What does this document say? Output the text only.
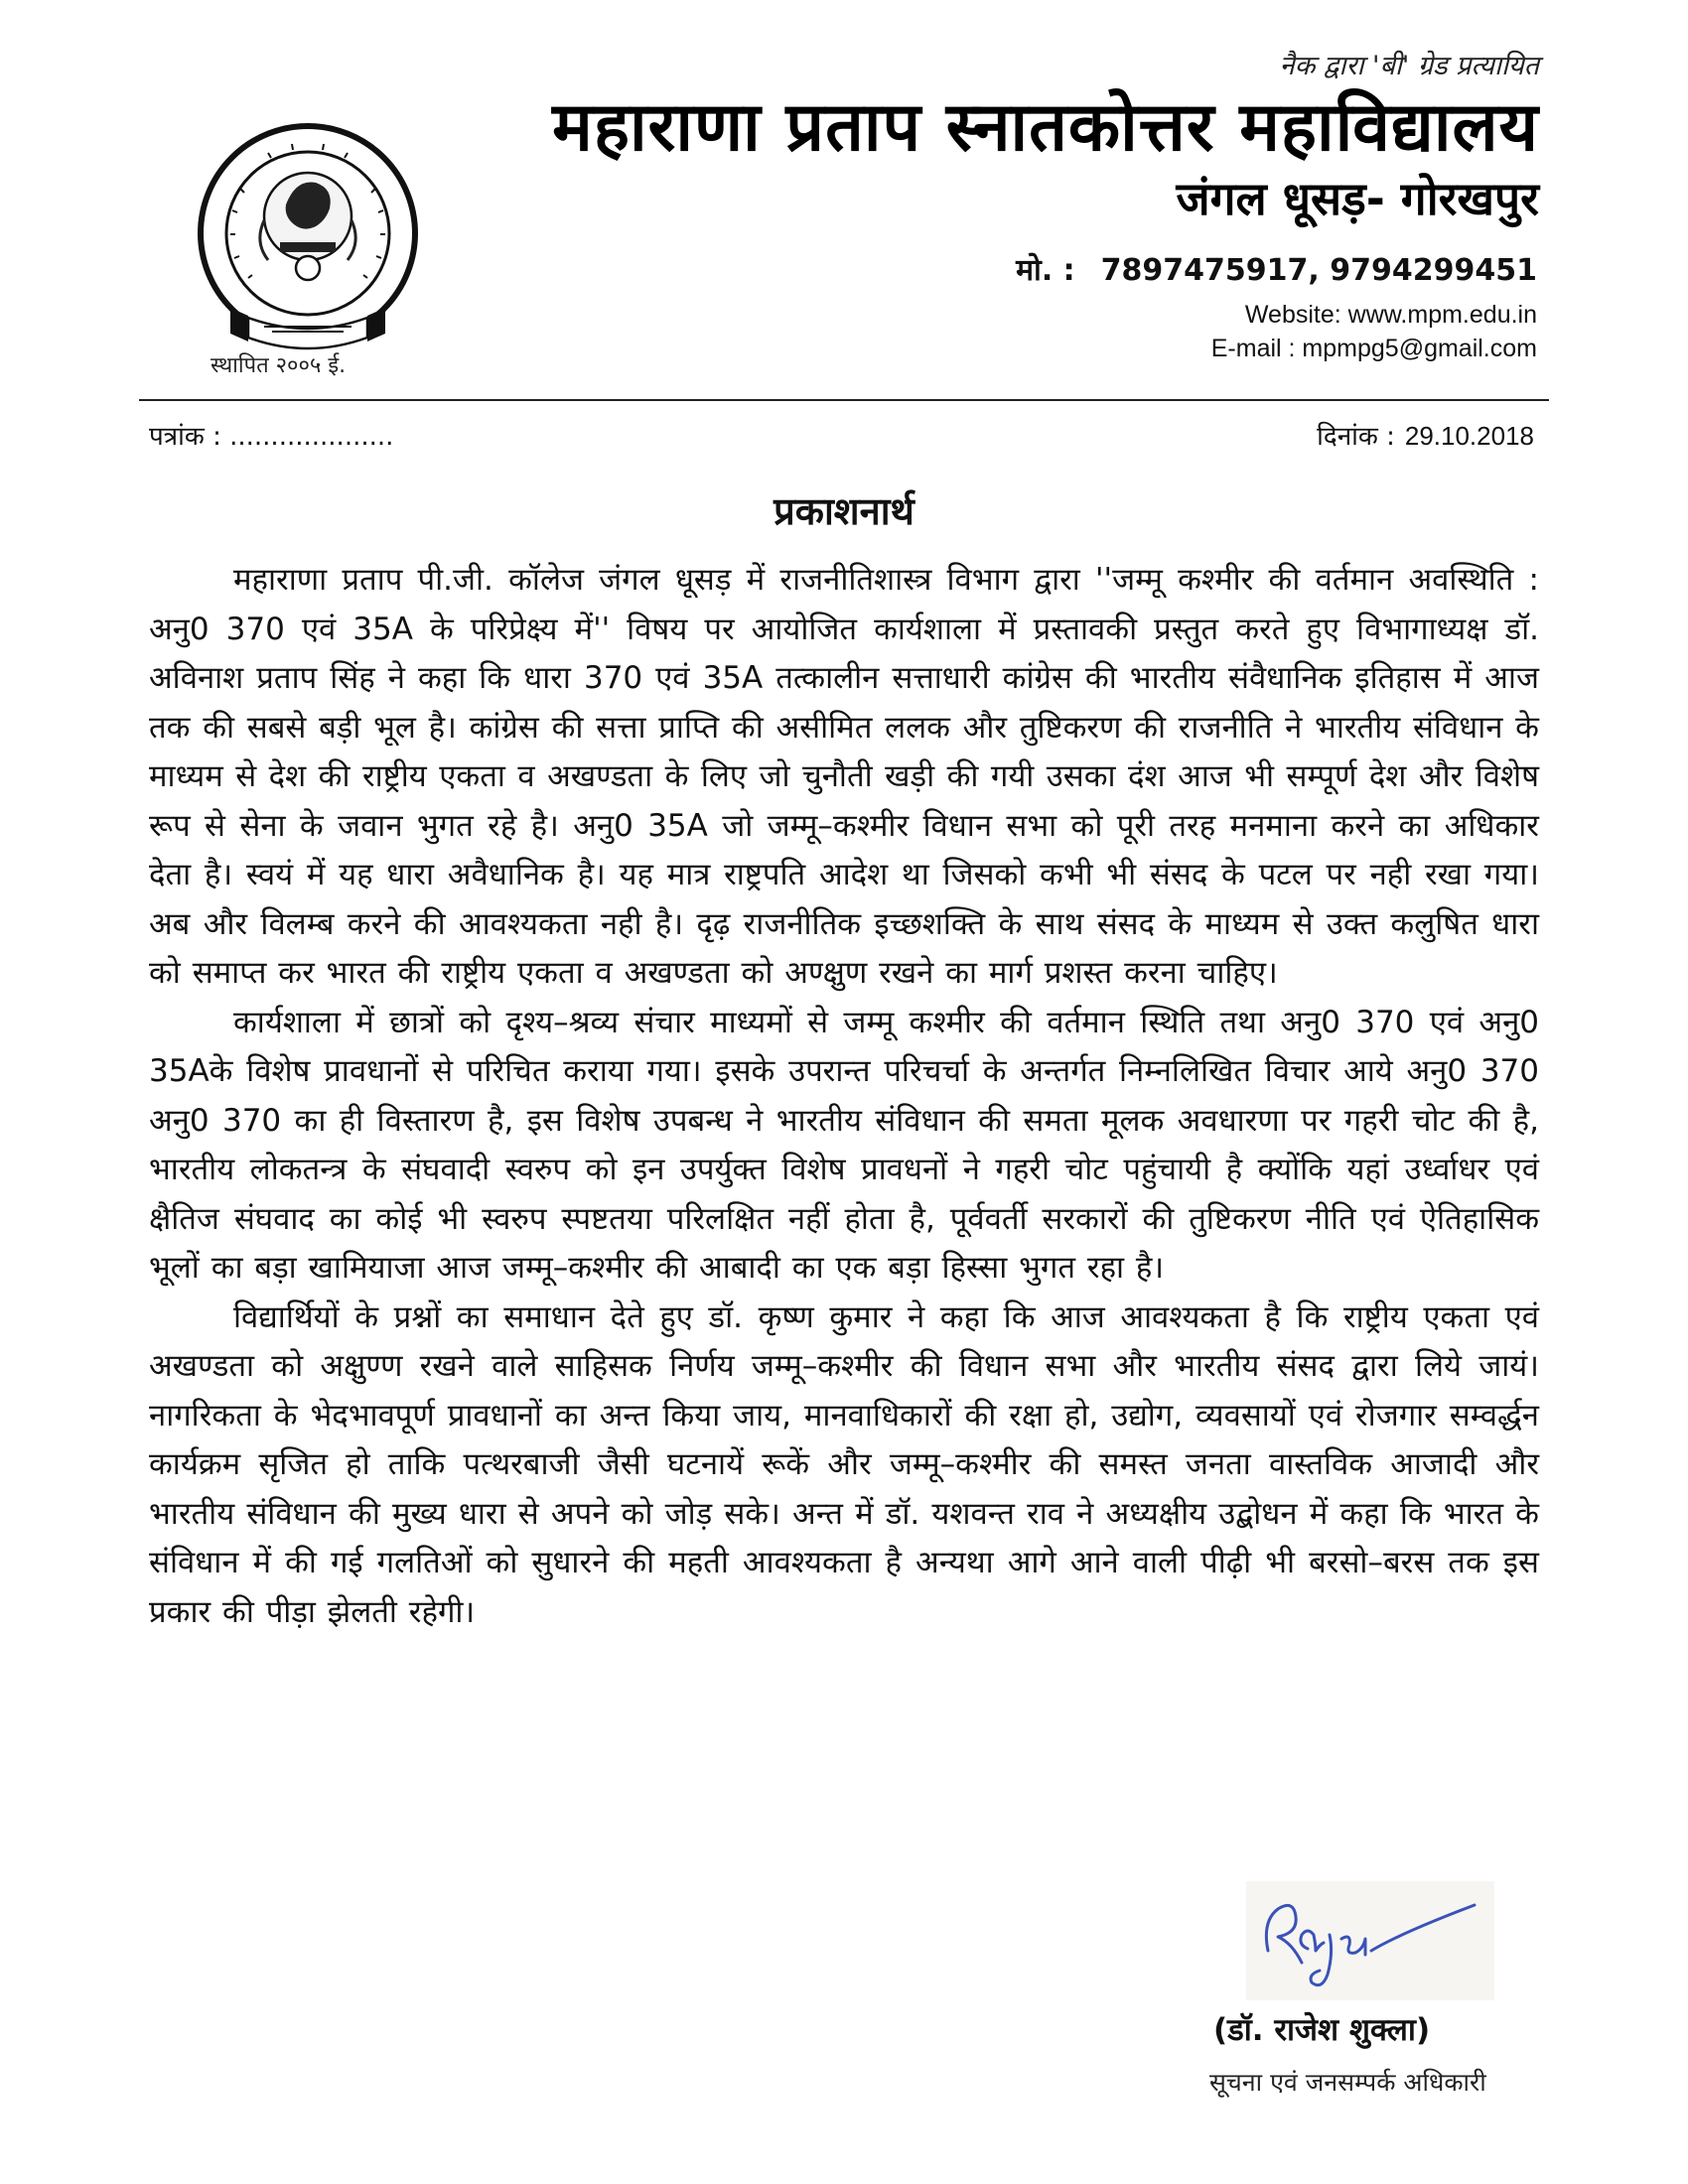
स्थापित २००५ ई.
नैक द्वारा 'बी' ग्रेड प्रत्यायित
महाराणा प्रताप स्नातकोत्तर महाविद्यालय
जंगल धूसड़- गोरखपुर
मो. : 7897475917, 9794299451
Website: www.mpm.edu.in
E-mail : mpmpg5@gmail.com
पत्रांक : ....................	दिनांक : 29.10.2018
प्रकाशनार्थ

महाराणा प्रताप पी.जी. कॉलेज जंगल धूसड़ में राजनीतिशास्त्र विभाग द्वारा ''जम्मू कश्मीर की वर्तमान अवस्थिति : अनु0 370 एवं 35A के परिप्रेक्ष्य में'' विषय पर आयोजित कार्यशाला में प्रस्तावकी प्रस्तुत करते हुए विभागाध्यक्ष डॉ. अविनाश प्रताप सिंह ने कहा कि धारा 370 एवं 35A तत्कालीन सत्ताधारी कांग्रेस की भारतीय संवैधानिक इतिहास में आज तक की सबसे बड़ी भूल है। कांग्रेस की सत्ता प्राप्ति की असीमित ललक और तुष्टिकरण की राजनीति ने भारतीय संविधान के माध्यम से देश की राष्ट्रीय एकता व अखण्डता के लिए जो चुनौती खड़ी की गयी उसका दंश आज भी सम्पूर्ण देश और विशेष रूप से सेना के जवान भुगत रहे है। अनु0 35A जो जम्मू–कश्मीर विधान सभा को पूरी तरह मनमाना करने का अधिकार देता है। स्वयं में यह धारा अवैधानिक है। यह मात्र राष्ट्रपति आदेश था जिसको कभी भी संसद के पटल पर नही रखा गया। अब और विलम्ब करने की आवश्यकता नही है। दृढ़ राजनीतिक इच्छशक्ति के साथ संसद के माध्यम से उक्त कलुषित धारा को समाप्त कर भारत की राष्ट्रीय एकता व अखण्डता को अण्क्षुण रखने का मार्ग प्रशस्त करना चाहिए।

कार्यशाला में छात्रों को दृश्य–श्रव्य संचार माध्यमों से जम्मू कश्मीर की वर्तमान स्थिति तथा अनु0 370 एवं अनु0 35Aके विशेष प्रावधानों से परिचित कराया गया। इसके उपरान्त परिचर्चा के अन्तर्गत निम्नलिखित विचार आये अनु0 370 अनु0 370 का ही विस्तारण है, इस विशेष उपबन्ध ने भारतीय संविधान की समता मूलक अवधारणा पर गहरी चोट की है, भारतीय लोकतन्त्र के संघवादी स्वरुप को इन उपर्युक्त विशेष प्रावधनों ने गहरी चोट पहुंचायी है क्योंकि यहां उर्ध्वाधर एवं क्षैतिज संघवाद का कोई भी स्वरुप स्पष्टतया परिलक्षित नहीं होता है, पूर्ववर्ती सरकारों की तुष्टिकरण नीति एवं ऐतिहासिक भूलों का बड़ा खामियाजा आज जम्मू–कश्मीर की आबादी का एक बड़ा हिस्सा भुगत रहा है।

विद्यार्थियों के प्रश्नों का समाधान देते हुए डॉ. कृष्ण कुमार ने कहा कि आज आवश्यकता है कि राष्ट्रीय एकता एवं अखण्डता को अक्षुण्ण रखने वाले साहिसक निर्णय जम्मू–कश्मीर की विधान सभा और भारतीय संसद द्वारा लिये जायं। नागरिकता के भेदभावपूर्ण प्रावधानों का अन्त किया जाय, मानवाधिकारों की रक्षा हो, उद्योग, व्यवसायों एवं रोजगार सम्वर्द्धन कार्यक्रम सृजित हो ताकि पत्थरबाजी जैसी घटनायें रूकें और जम्मू–कश्मीर की समस्त जनता वास्तविक आजादी और भारतीय संविधान की मुख्य धारा से अपने को जोड़ सके। अन्त में डॉ. यशवन्त राव ने अध्यक्षीय उद्बोधन में कहा कि भारत के संविधान में की गई गलतिओं को सुधारने की महती आवश्यकता है अन्यथा आगे आने वाली पीढ़ी भी बरसो–बरस तक इस प्रकार की पीड़ा झेलती रहेगी।

(डॉ. राजेश शुक्ला)
सूचना एवं जनसम्पर्क अधिकारी
